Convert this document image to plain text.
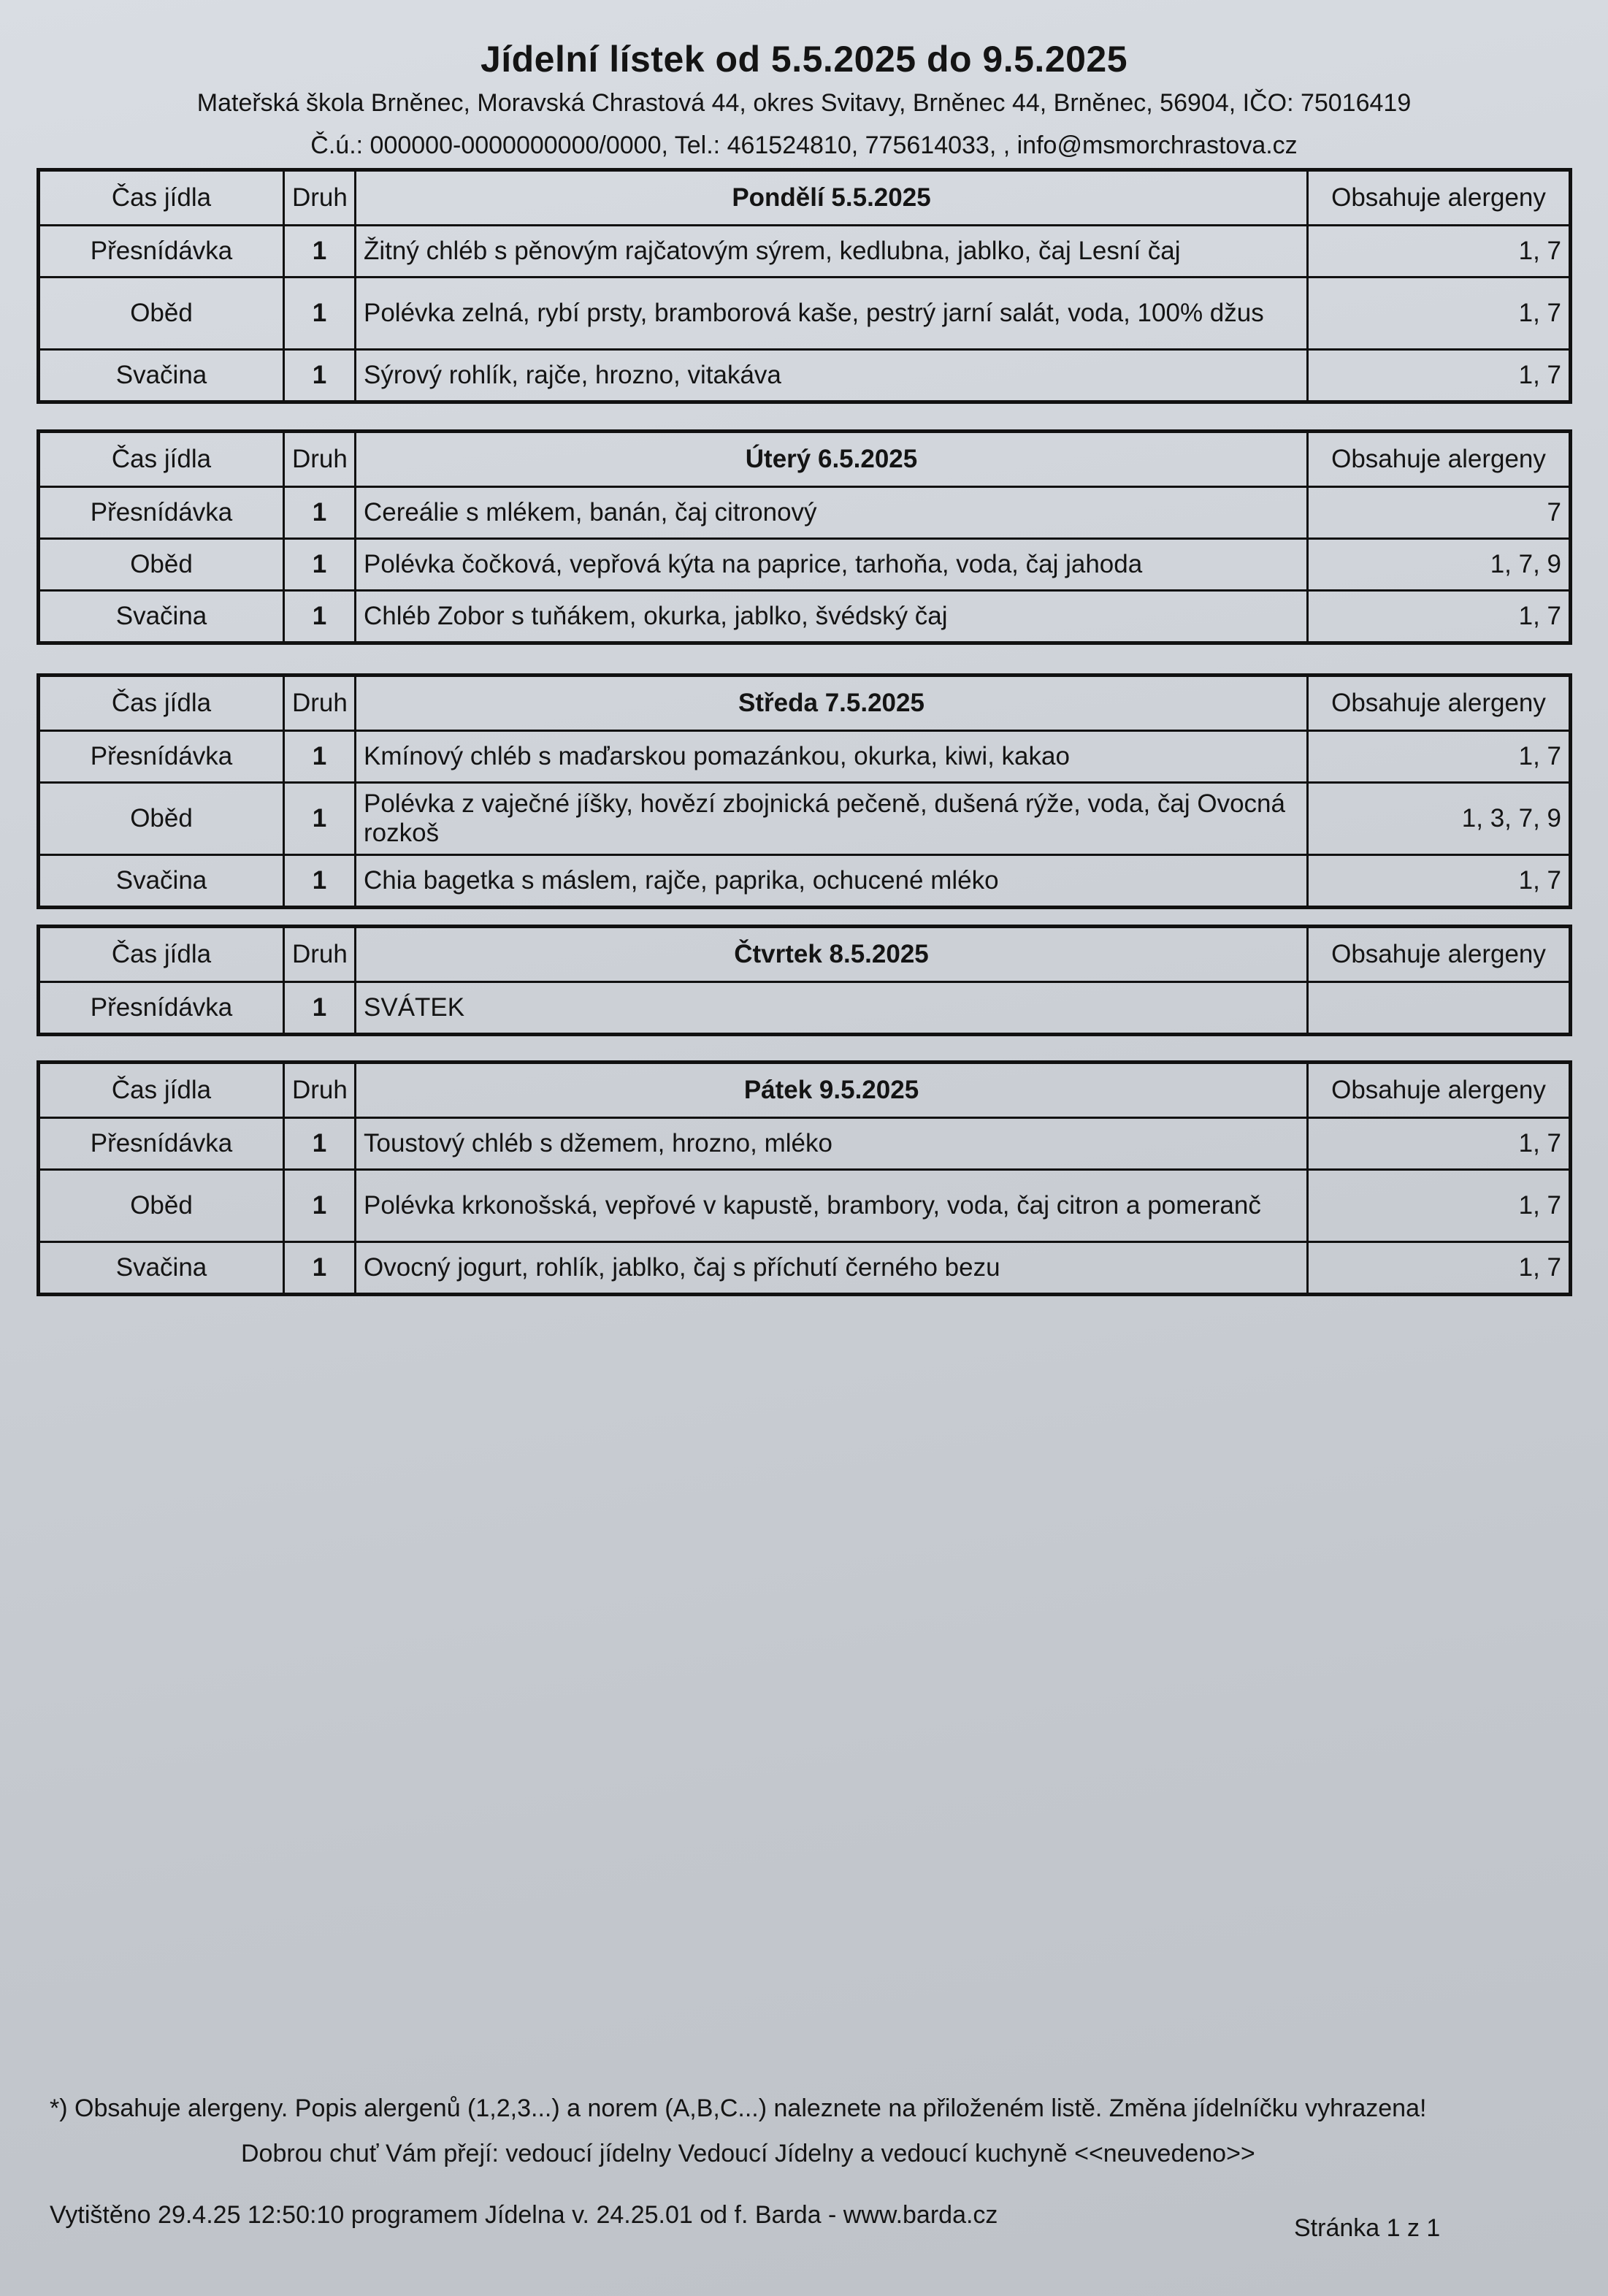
Jídelní lístek od 5.5.2025 do 9.5.2025
Mateřská škola Brněnec, Moravská Chrastová 44, okres Svitavy, Brněnec 44, Brněnec, 56904, IČO: 75016419
Č.ú.: 000000-0000000000/0000, Tel.: 461524810, 775614033, , info@msmorchrastova.cz
Čas jídla	Druh	Pondělí 5.5.2025	Obsahuje alergeny
Přesnídávka	1	Žitný chléb s pěnovým rajčatovým sýrem, kedlubna, jablko, čaj Lesní čaj	1, 7
Oběd	1	Polévka zelná, rybí prsty, bramborová kaše, pestrý jarní salát, voda, 100% džus	1, 7
Svačina	1	Sýrový rohlík, rajče, hrozno, vitakáva	1, 7
Čas jídla	Druh	Úterý 6.5.2025	Obsahuje alergeny
Přesnídávka	1	Cereálie s mlékem, banán, čaj citronový	7
Oběd	1	Polévka čočková, vepřová kýta na paprice, tarhoňa, voda, čaj jahoda	1, 7, 9
Svačina	1	Chléb Zobor s tuňákem, okurka, jablko, švédský čaj	1, 7
Čas jídla	Druh	Středa 7.5.2025	Obsahuje alergeny
Přesnídávka	1	Kmínový chléb s maďarskou pomazánkou, okurka, kiwi, kakao	1, 7
Oběd	1	Polévka z vaječné jíšky, hovězí zbojnická pečeně, dušená rýže, voda, čaj Ovocná rozkoš	1, 3, 7, 9
Svačina	1	Chia bagetka s máslem, rajče, paprika, ochucené mléko	1, 7
Čas jídla	Druh	Čtvrtek 8.5.2025	Obsahuje alergeny
Přesnídávka	1	SVÁTEK	
Čas jídla	Druh	Pátek 9.5.2025	Obsahuje alergeny
Přesnídávka	1	Toustový chléb s džemem, hrozno, mléko	1, 7
Oběd	1	Polévka krkonošská, vepřové v kapustě, brambory, voda, čaj citron a pomeranč	1, 7
Svačina	1	Ovocný jogurt, rohlík, jablko, čaj s příchutí černého bezu	1, 7
*) Obsahuje alergeny. Popis alergenů (1,2,3...) a norem (A,B,C...) naleznete na přiloženém listě. Změna jídelníčku vyhrazena!
Dobrou chuť Vám přejí: vedoucí jídelny Vedoucí Jídelny a vedoucí kuchyně <<neuvedeno>>
Vytištěno 29.4.25 12:50:10 programem Jídelna v. 24.25.01 od f. Barda - www.barda.cz	Stránka 1 z 1
